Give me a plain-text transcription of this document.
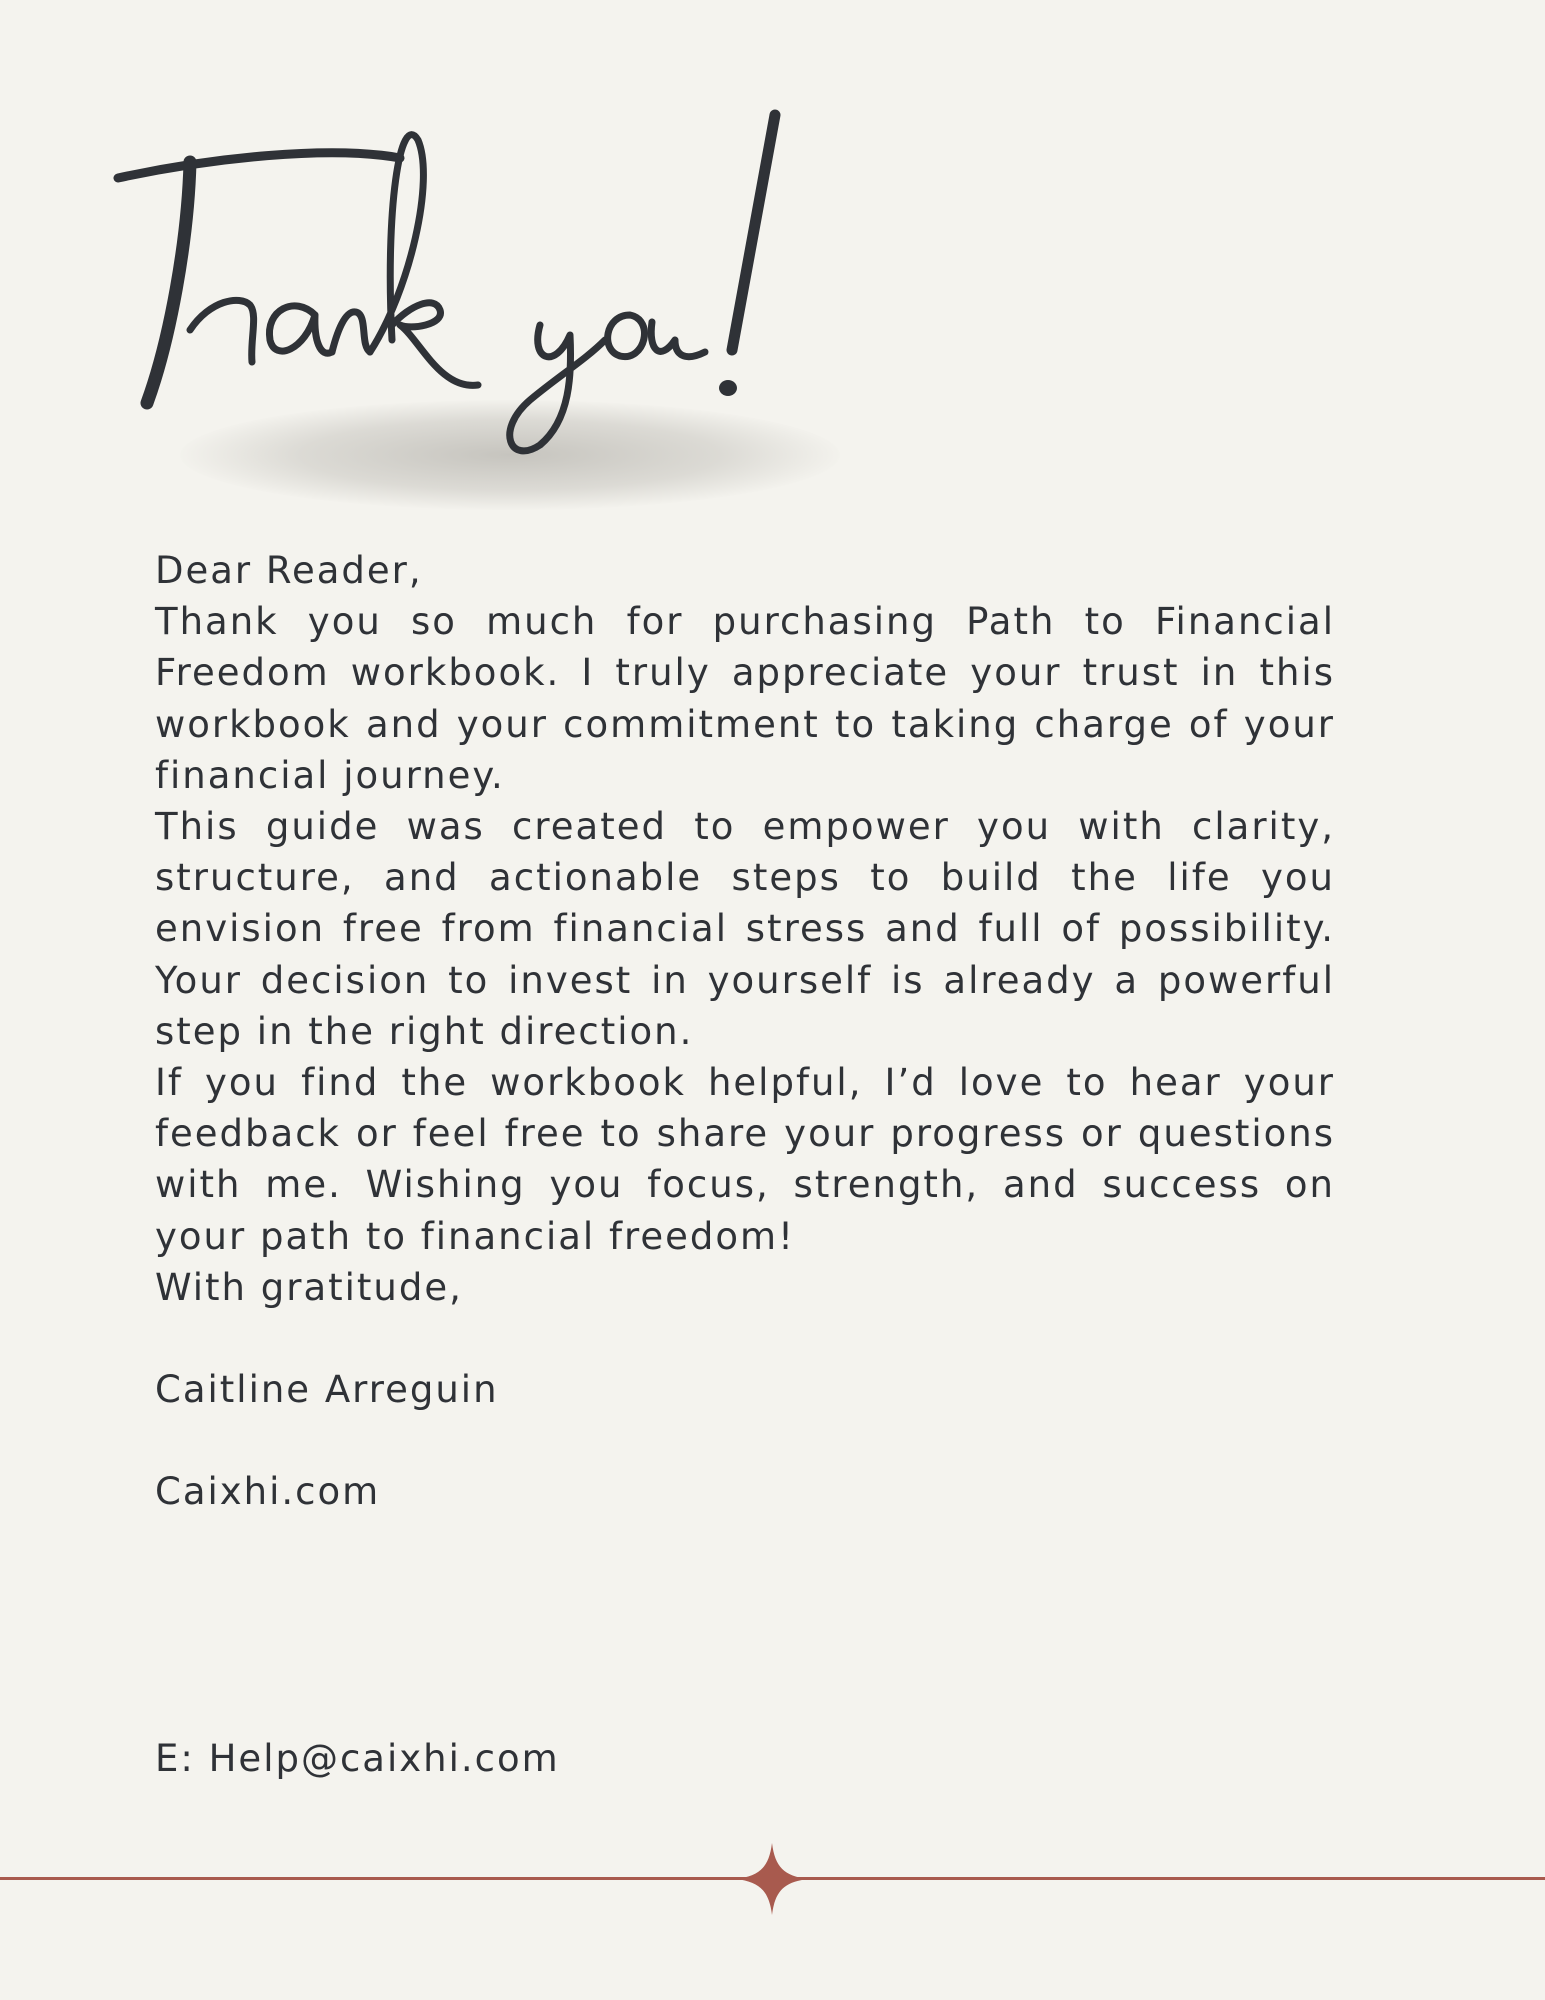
Dear Reader,

Thank you so much for purchasing Path to Financial Freedom workbook. I truly appreciate your trust in this workbook and your commitment to taking charge of your financial journey.

This guide was created to empower you with clarity, structure, and actionable steps to build the life you envision free from financial stress and full of possibility. Your decision to invest in yourself is already a powerful step in the right direction.

If you find the workbook helpful, I’d love to hear your feedback or feel free to share your progress or questions with me. Wishing you focus, strength, and success on your path to financial freedom!

With gratitude,

Caitline Arreguin

Caixhi.com

E: Help@caixhi.com
